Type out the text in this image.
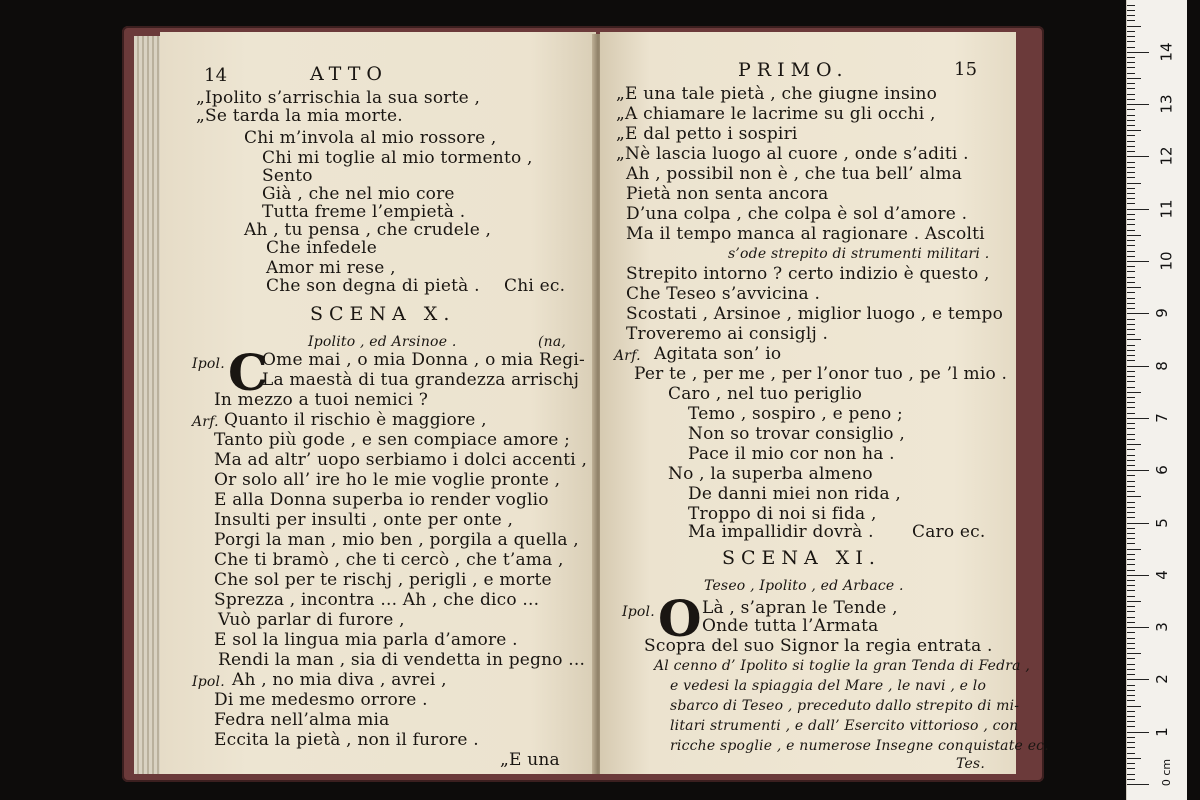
14	ATTO
„Ipolito s’arrischia la sua sorte ,
„Se tarda la mia morte.
Chi m’invola al mio rossore ,
Chi mi toglie al mio tormento ,
Sento
Già , che nel mio core
Tutta freme l’empietà .
Ah , tu pensa , che crudele ,
Che infedele
Amor mi rese ,
Che son degna di pietà . Chi ec.
SCENA X.
Ipolito , ed Arsinoe .	(na,
Ipol. C
Ome mai , o mia Donna , o mia Regi-
La maestà di tua grandezza arrischj
In mezzo a tuoi nemici ?
Arf. Quanto il rischio è maggiore ,
Tanto più gode , e sen compiace amore ;
Ma ad altr’ uopo serbiamo i dolci accenti ,
Or solo all’ ire ho le mie voglie pronte ,
E alla Donna superba io render voglio
Insulti per insulti , onte per onte ,
Porgi la man , mio ben , porgila a quella ,
Che ti bramò , che ti cercò , che t’ama ,
Che sol per te rischj , perigli , e morte
Sprezza , incontra ... Ah , che dico ...
Vuò parlar di furore ,
E sol la lingua mia parla d’amore .
Rendi la man , sia di vendetta in pegno ...
Ipol. Ah , no mia diva , avrei ,
Di me medesmo orrore .
Fedra nell’alma mia
Eccita la pietà , non il furore .
„E una
PRIMO.	15
„E una tale pietà , che giugne insino
„A chiamare le lacrime su gli occhi ,
„E dal petto i sospiri
„Nè lascia luogo al cuore , onde s’aditi .
Ah , possibil non è , che tua bell’ alma
Pietà non senta ancora
D’una colpa , che colpa è sol d’amore .
Ma il tempo manca al ragionare . Ascolti
s’ode strepito di strumenti militari .
Strepito intorno ? certo indizio è questo ,
Che Teseo s’avvicina .
Scostati , Arsinoe , miglior luogo , e tempo
Troveremo ai consiglj .
Arf. Agitata son’ io
Per te , per me , per l’onor tuo , pe ’l mio .
Caro , nel tuo periglio
Temo , sospiro , e peno ;
Non so trovar consiglio ,
Pace il mio cor non ha .
No , la superba almeno
De danni miei non rida ,
Troppo di noi si fida ,
Ma impallidir dovrà . Caro ec.
SCENA XI.
Teseo , Ipolito , ed Arbace .
Ipol. O Là , s’apran le Tende ,
Onde tutta l’Armata
Scopra del suo Signor la regia entrata .
Al cenno d’ Ipolito si toglie la gran Tenda di Fedra ,
e vedesi la spiaggia del Mare , le navi , e lo
sbarco di Teseo , preceduto dallo strepito di mi-
litari strumenti , e dall’ Esercito vittorioso , con
ricche spoglie , e numerose Insegne conquistate ec.
Tes.	0 cm
1
2
3
4
5
6
7
8
9
10
11
12
13
14
